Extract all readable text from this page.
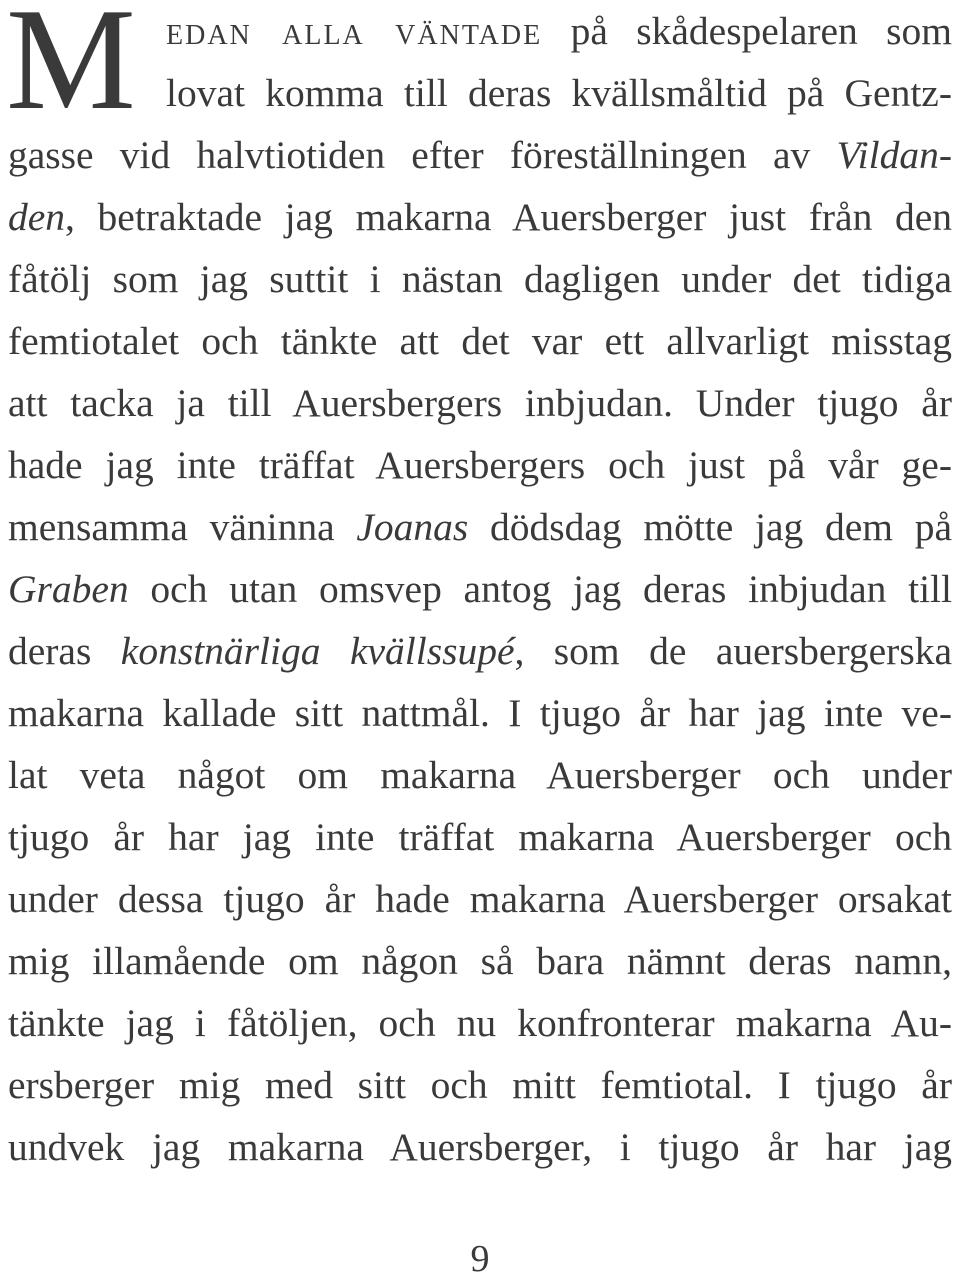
M edan alla väntade på skådespelaren som
lovat komma till deras kvällsmåltid på Gentz-
gasse vid halvtiotiden efter föreställningen av Vildan-
den, betraktade jag makarna Auersberger just från den
fåtölj som jag suttit i nästan dagligen under det tidiga
femtiotalet och tänkte att det var ett allvarligt misstag
att tacka ja till Auersbergers inbjudan. Under tjugo år
hade jag inte träffat Auersbergers och just på vår ge-
mensamma väninna Joanas dödsdag mötte jag dem på
Graben och utan omsvep antog jag deras inbjudan till
deras konstnärliga kvällssupé, som de auersbergerska
makarna kallade sitt nattmål. I tjugo år har jag inte ve-
lat veta något om makarna Auersberger och under
tjugo år har jag inte träffat makarna Auersberger och
under dessa tjugo år hade makarna Auersberger orsakat
mig illamående om någon så bara nämnt deras namn,
tänkte jag i fåtöljen, och nu konfronterar makarna Au-
ersberger mig med sitt och mitt femtiotal. I tjugo år
undvek jag makarna Auersberger, i tjugo år har jag
9
